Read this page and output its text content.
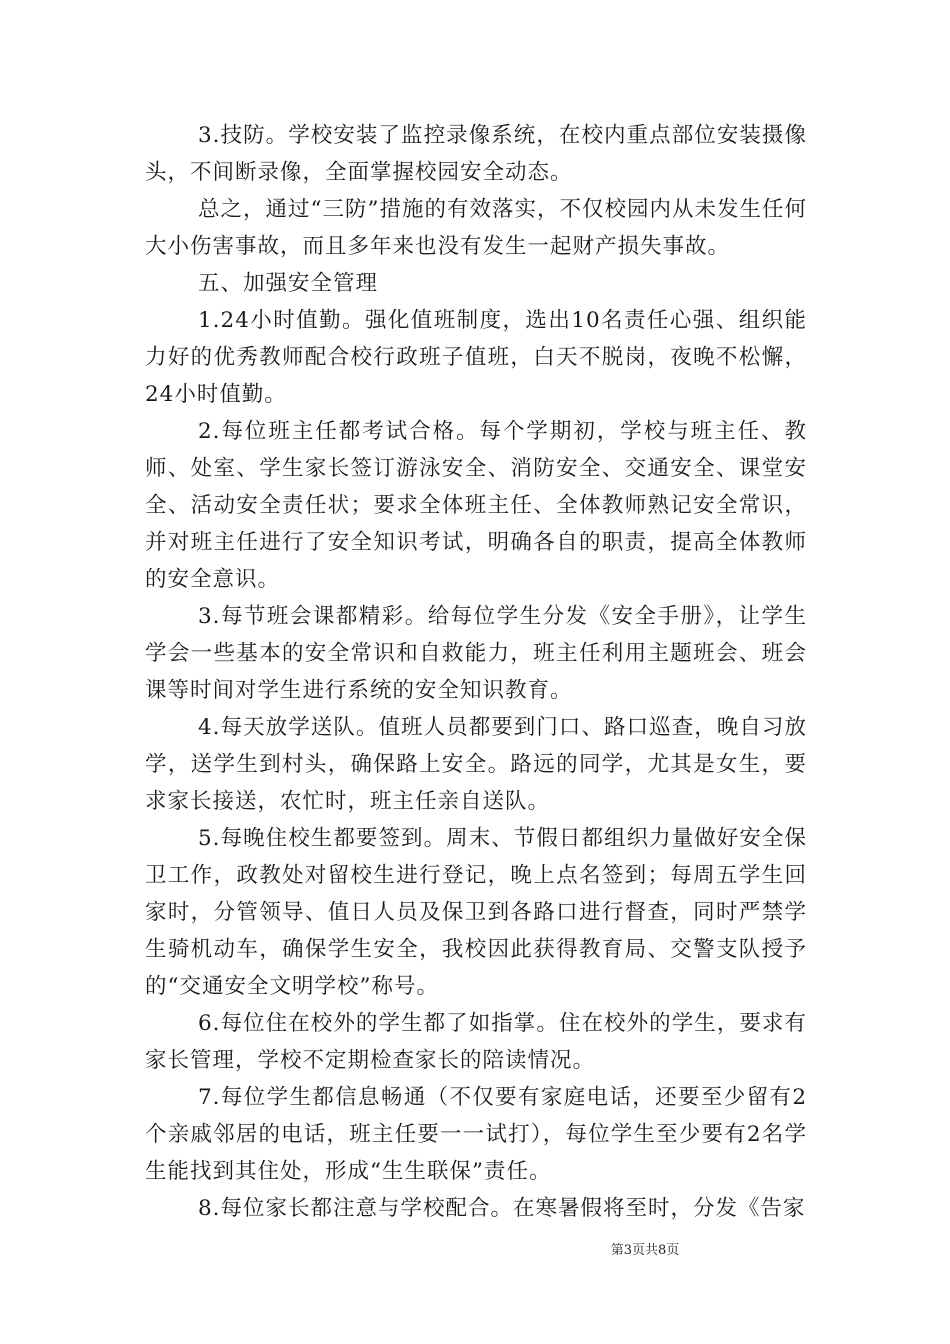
3.技防。学校安装了监控录像系统，在校内重点部位安装摄像头，不间断录像，全面掌握校园安全动态。

总之，通过“三防”措施的有效落实，不仅校园内从未发生任何大小伤害事故，而且多年来也没有发生一起财产损失事故。

五、加强安全管理

1.24小时值勤。强化值班制度，选出10名责任心强、组织能力好的优秀教师配合校行政班子值班，白天不脱岗，夜晚不松懈，24小时值勤。

2.每位班主任都考试合格。每个学期初，学校与班主任、教师、处室、学生家长签订游泳安全、消防安全、交通安全、课堂安全、活动安全责任状；要求全体班主任、全体教师熟记安全常识，并对班主任进行了安全知识考试，明确各自的职责，提高全体教师的安全意识。

3.每节班会课都精彩。给每位学生分发《安全手册》，让学生学会一些基本的安全常识和自救能力，班主任利用主题班会、班会课等时间对学生进行系统的安全知识教育。

4.每天放学送队。值班人员都要到门口、路口巡查，晚自习放学，送学生到村头，确保路上安全。路远的同学，尤其是女生，要求家长接送，农忙时，班主任亲自送队。

5.每晚住校生都要签到。周末、节假日都组织力量做好安全保卫工作，政教处对留校生进行登记，晚上点名签到；每周五学生回家时，分管领导、值日人员及保卫到各路口进行督查，同时严禁学生骑机动车，确保学生安全，我校因此获得教育局、交警支队授予的“交通安全文明学校”称号。

6.每位住在校外的学生都了如指掌。住在校外的学生，要求有家长管理，学校不定期检查家长的陪读情况。

7.每位学生都信息畅通（不仅要有家庭电话，还要至少留有2个亲戚邻居的电话，班主任要一一试打），每位学生至少要有2名学生能找到其住处，形成“生生联保”责任。

8.每位家长都注意与学校配合。在寒暑假将至时，分发《告家

第3页共8页
